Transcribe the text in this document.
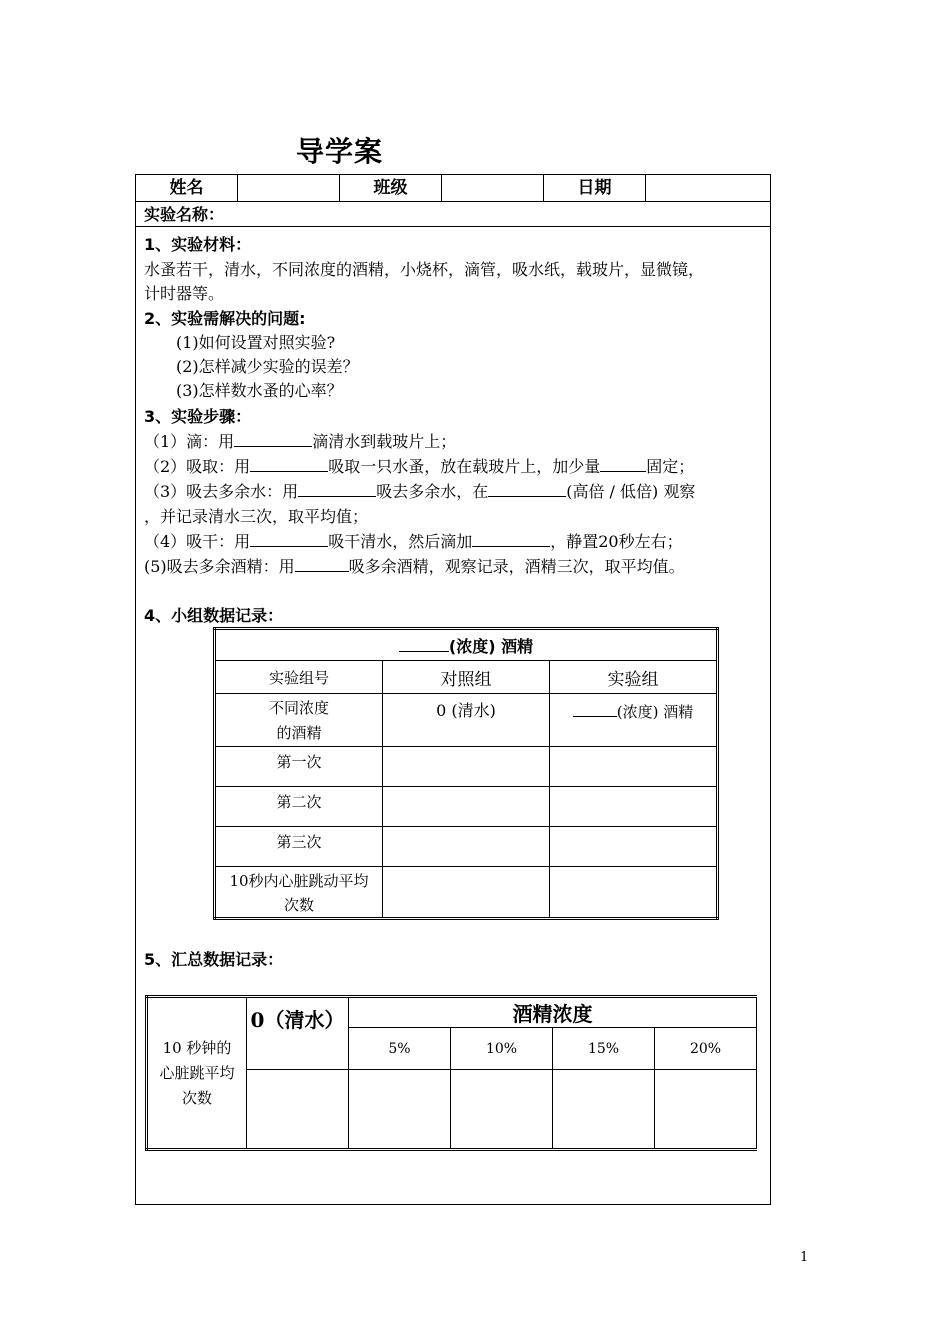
导学案
姓名	班级	日期
实验名称：
1、实验材料：
水蚤若干，清水，不同浓度的酒精，小烧杯，滴管，吸水纸，载玻片，显微镜，
计时器等。
2、实验需解决的问题:
(1)如何设置对照实验?
(2)怎样减少实验的误差？
(3)怎样数水蚤的心率？
3、实验步骤：
（1）滴：用	滴清水到载玻片上；
（2）吸取：用	吸取一只水蚤，放在载玻片上，加少量	固定；
（3）吸去多余水：用	吸去多余水，在	(高倍 / 低倍) 观察
，并记录清水三次，取平均值；
（4）吸干：用	吸干清水，然后滴加	，静置20秒左右；
(5)吸去多余酒精：用	吸多余酒精，观察记录，酒精三次，取平均值。
4、小组数据记录：
(浓度) 酒精		
实验组号	对照组	实验组

不同浓度
的酒精	0 (清水)	(浓度) 酒精
第一次		
第二次		
第三次		

10秒内心脏跳动平均
次数		

5、汇总数据记录：
10 秒钟的
心脏跳平均
次数	0（清水）	酒精浓度			
		5%	10%	15%	20%

1
